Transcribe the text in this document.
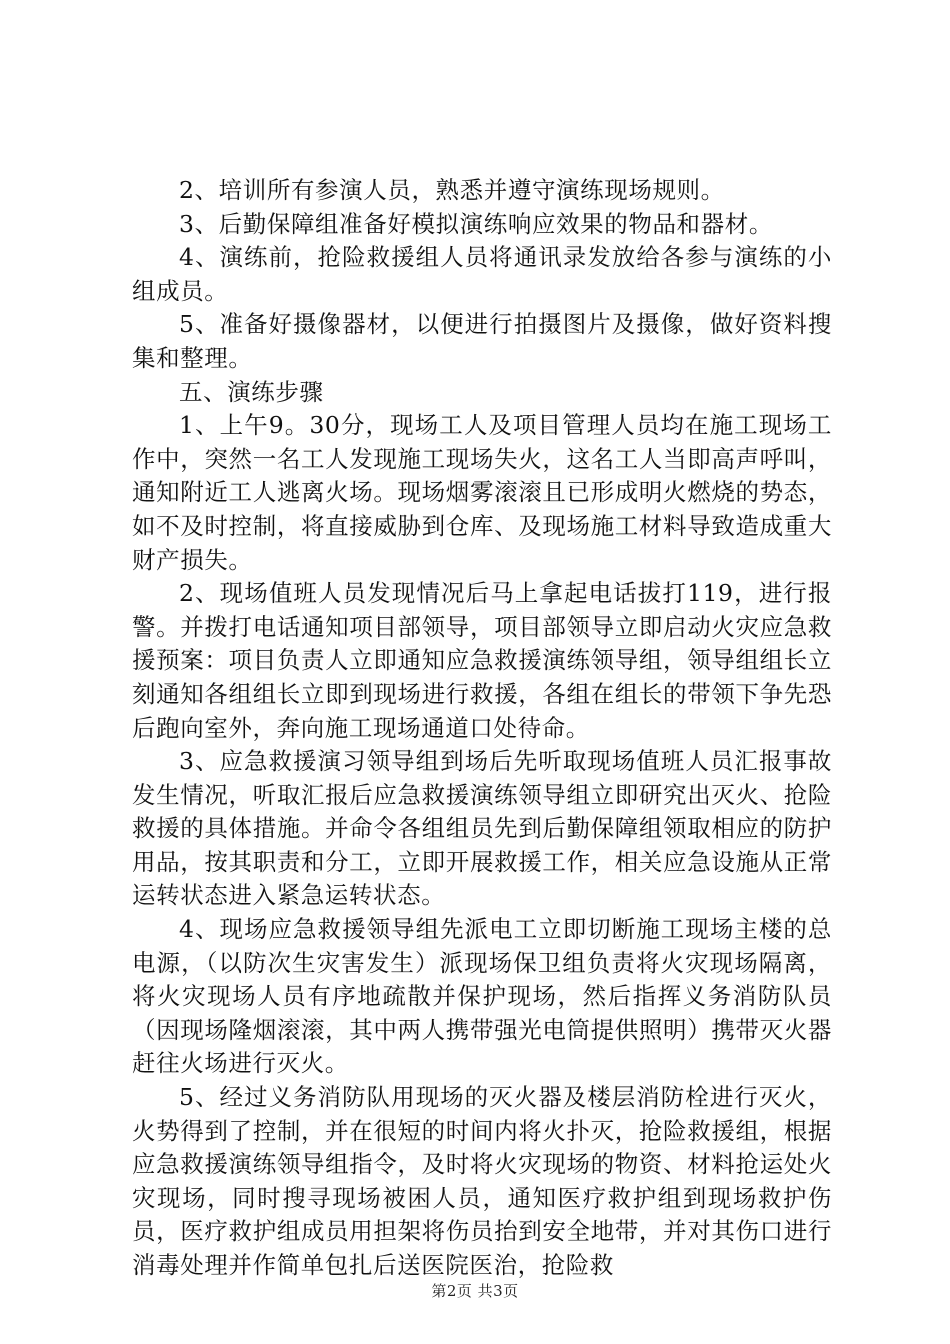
2、培训所有参演人员，熟悉并遵守演练现场规则。

3、后勤保障组准备好模拟演练响应效果的物品和器材。

4、演练前，抢险救援组人员将通讯录发放给各参与演练的小组成员。

5、准备好摄像器材，以便进行拍摄图片及摄像，做好资料搜集和整理。

五、演练步骤

1、上午9。30分，现场工人及项目管理人员均在施工现场工作中，突然一名工人发现施工现场失火，这名工人当即高声呼叫，通知附近工人逃离火场。现场烟雾滚滚且已形成明火燃烧的势态，如不及时控制，将直接威胁到仓库、及现场施工材料导致造成重大财产损失。

2、现场值班人员发现情况后马上拿起电话拔打119，进行报警。并拨打电话通知项目部领导，项目部领导立即启动火灾应急救援预案：项目负责人立即通知应急救援演练领导组，领导组组长立刻通知各组组长立即到现场进行救援，各组在组长的带领下争先恐后跑向室外，奔向施工现场通道口处待命。

3、应急救援演习领导组到场后先听取现场值班人员汇报事故发生情况，听取汇报后应急救援演练领导组立即研究出灭火、抢险救援的具体措施。并命令各组组员先到后勤保障组领取相应的防护用品，按其职责和分工，立即开展救援工作，相关应急设施从正常运转状态进入紧急运转状态。

4、现场应急救援领导组先派电工立即切断施工现场主楼的总电源，（以防次生灾害发生）派现场保卫组负责将火灾现场隔离，将火灾现场人员有序地疏散并保护现场，然后指挥义务消防队员（因现场隆烟滚滚，其中两人携带强光电筒提供照明）携带灭火器赶往火场进行灭火。

5、经过义务消防队用现场的灭火器及楼层消防栓进行灭火，火势得到了控制，并在很短的时间内将火扑灭，抢险救援组，根据应急救援演练领导组指令，及时将火灾现场的物资、材料抢运处火灾现场，同时搜寻现场被困人员，通知医疗救护组到现场救护伤员，医疗救护组成员用担架将伤员抬到安全地带，并对其伤口进行消毒处理并作简单包扎后送医院医治，抢险救

第2页 共3页
